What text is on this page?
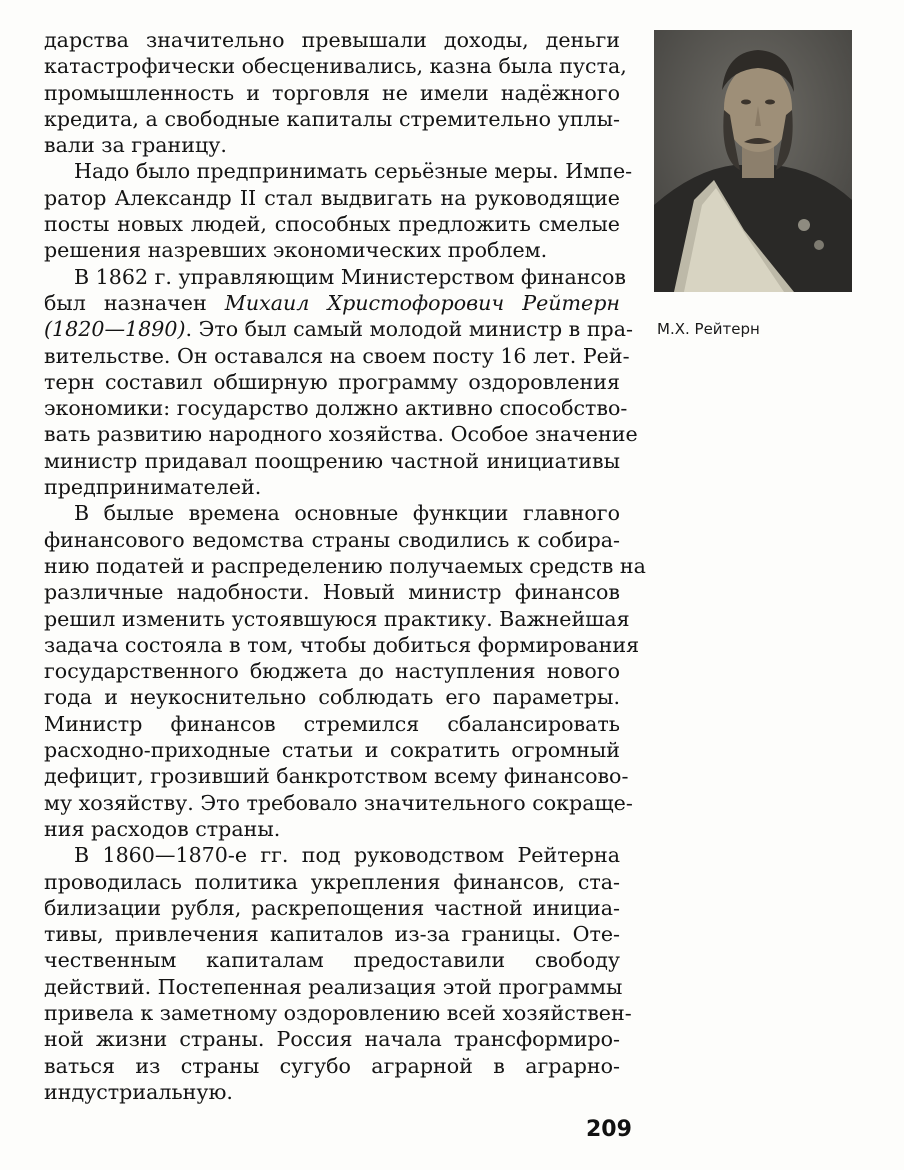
дарства значительно превышали доходы, деньги
катастрофически обесценивались, казна была пуста,
промышленность и торговля не имели надёжного
кредита, а свободные капиталы стремительно уплы-
вали за границу.
Надо было предпринимать серьёзные меры. Импе-
ратор Александр II стал выдвигать на руководящие
посты новых людей, способных предложить смелые
решения назревших экономических проблем.
В 1862 г. управляющим Министерством финансов
был назначен Михаил Христофорович Рейтерн
(1820—1890). Это был самый молодой министр в пра-
вительстве. Он оставался на своем посту 16 лет. Рей-
терн составил обширную программу оздоровления
экономики: государство должно активно способство-
вать развитию народного хозяйства. Особое значение
министр придавал поощрению частной инициативы
предпринимателей.
В былые времена основные функции главного
финансового ведомства страны сводились к собира-
нию податей и распределению получаемых средств на
различные надобности. Новый министр финансов
решил изменить устоявшуюся практику. Важнейшая
задача состояла в том, чтобы добиться формирования
государственного бюджета до наступления нового
года и неукоснительно соблюдать его параметры.
Министр финансов стремился сбалансировать
расходно-приходные статьи и сократить огромный
дефицит, грозивший банкротством всему финансово-
му хозяйству. Это требовало значительного сокраще-
ния расходов страны.
В 1860—1870-е гг. под руководством Рейтерна
проводилась политика укрепления финансов, ста-
билизации рубля, раскрепощения частной инициа-
тивы, привлечения капиталов из-за границы. Оте-
чественным капиталам предоставили свободу
действий. Постепенная реализация этой программы
привела к заметному оздоровлению всей хозяйствен-
ной жизни страны. Россия начала трансформиро-
ваться из страны сугубо аграрной в аграрно-
индустриальную.
М.Х. Рейтерн
209
